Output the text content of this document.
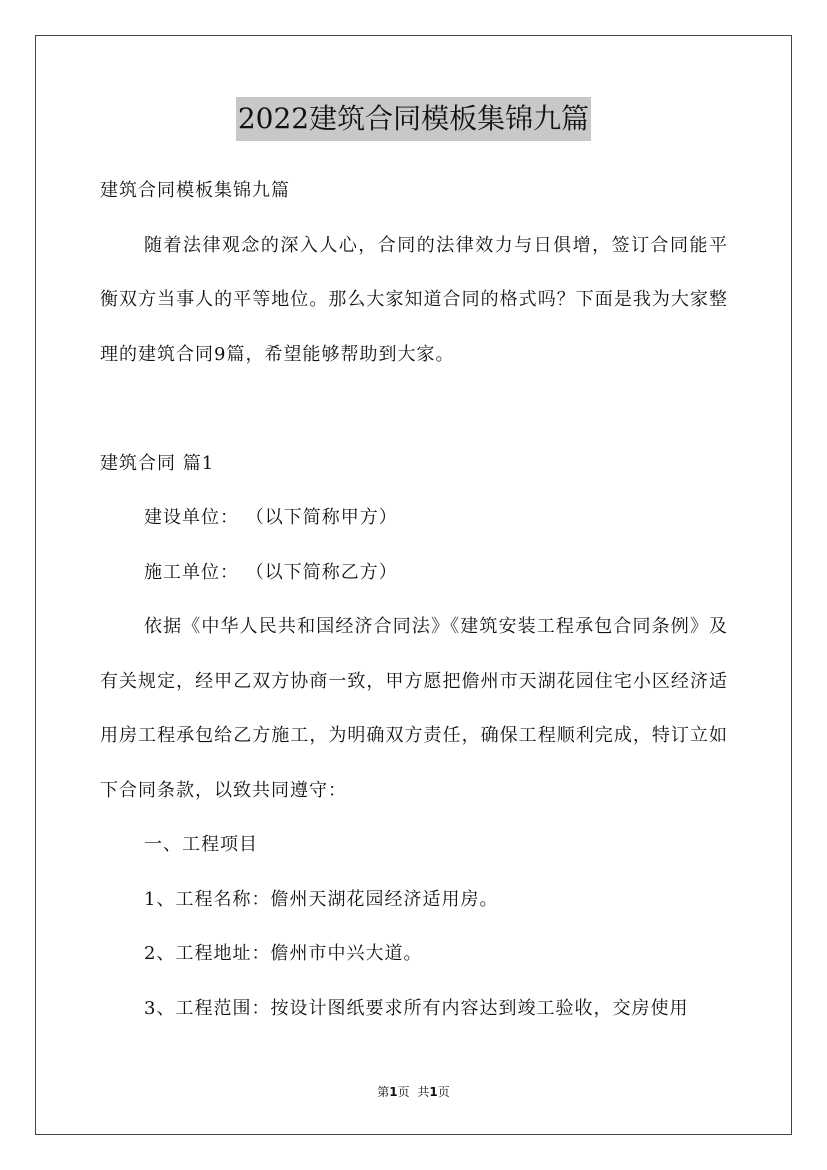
2022建筑合同模板集锦九篇

建筑合同模板集锦九篇

随着法律观念的深入人心，合同的法律效力与日俱增，签订合同能平衡双方当事人的平等地位。那么大家知道合同的格式吗？下面是我为大家整理的建筑合同9篇，希望能够帮助到大家。

建筑合同 篇1

建设单位： （以下简称甲方）

施工单位： （以下简称乙方）

依据《中华人民共和国经济合同法》《建筑安装工程承包合同条例》及有关规定，经甲乙双方协商一致，甲方愿把儋州市天湖花园住宅小区经济适用房工程承包给乙方施工，为明确双方责任，确保工程顺利完成，特订立如下合同条款，以致共同遵守：

一、工程项目

1、工程名称：儋州天湖花园经济适用房。

2、工程地址：儋州市中兴大道。

3、工程范围：按设计图纸要求所有内容达到竣工验收，交房使用

第1页 共1页
